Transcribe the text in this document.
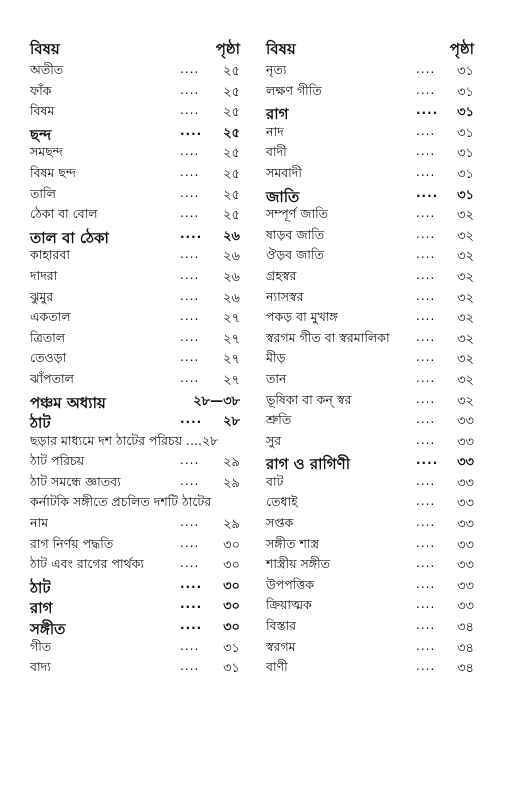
বিষয়	পৃষ্ঠা
অতীত	.... ২৫
ফাঁক	.... ২৫
বিষম	.... ২৫
ছন্দ	.... ২৫
সমছন্দ	.... ২৫
বিষম ছন্দ	.... ২৫
তালি	.... ২৫
ঠেকা বা বোল	.... ২৫
তাল বা ঠেকা	.... ২৬
কাহারবা	.... ২৬
দাদরা	.... ২৬
ঝুমুর	.... ২৬
একতাল	.... ২৭
ত্রিতাল	.... ২৭
তেওড়া	.... ২৭
ঝাঁপতাল	.... ২৭
পঞ্চম অধ্যায়	২৮—৩৮
ঠাট	.... ২৮
ছড়ার মাধ্যমে দশ ঠাটের পরিচয় ....২৮
ঠাট পরিচয়	.... ২৯
ঠাট সমন্ধে জ্ঞাতব্য	.... ২৯
কর্নাটকি সঙ্গীতে প্রচলিত দশটি ঠাটের
নাম	.... ২৯
রাগ নির্ণয় পদ্ধতি	.... ৩০
ঠাট এবং রাগের পার্থক্য	.... ৩০
ঠাট	.... ৩০
রাগ	.... ৩০
সঙ্গীত	.... ৩০
গীত	.... ৩১
বাদ্য	.... ৩১
বিষয়	পৃষ্ঠা
নৃত্য	.... ৩১
লক্ষণ গীতি	.... ৩১
রাগ	.... ৩১
নাদ	.... ৩১
বাদী	.... ৩১
সমবাদী	.... ৩১
জাতি	.... ৩১
সম্পূর্ণ জাতি	.... ৩২
ষাড়ব জাতি	.... ৩২
ঔড়ব জাতি	.... ৩২
গ্রহস্বর	.... ৩২
ন্যাসস্বর	.... ৩২
পকড় বা মুখাঙ্গ	.... ৩২
স্বরগম গীত বা স্বরমালিকা .... ৩২
মীড়	.... ৩২
তান	.... ৩২
ভূষিকা বা কন্ স্বর	.... ৩২
শ্রুতি	.... ৩৩
সুর	.... ৩৩
রাগ ও রাগিণী	.... ৩৩
বাট	.... ৩৩
তেধাই	.... ৩৩
সপ্তক	.... ৩৩
সঙ্গীত শাস্ত্র	.... ৩৩
শাস্ত্রীয় সঙ্গীত	.... ৩৩
উপপত্তিক	.... ৩৩
ক্রিয়াত্মক	.... ৩৩
বিস্তার	.... ৩৪
স্বরগম	.... ৩৪
বাণী	.... ৩৪
